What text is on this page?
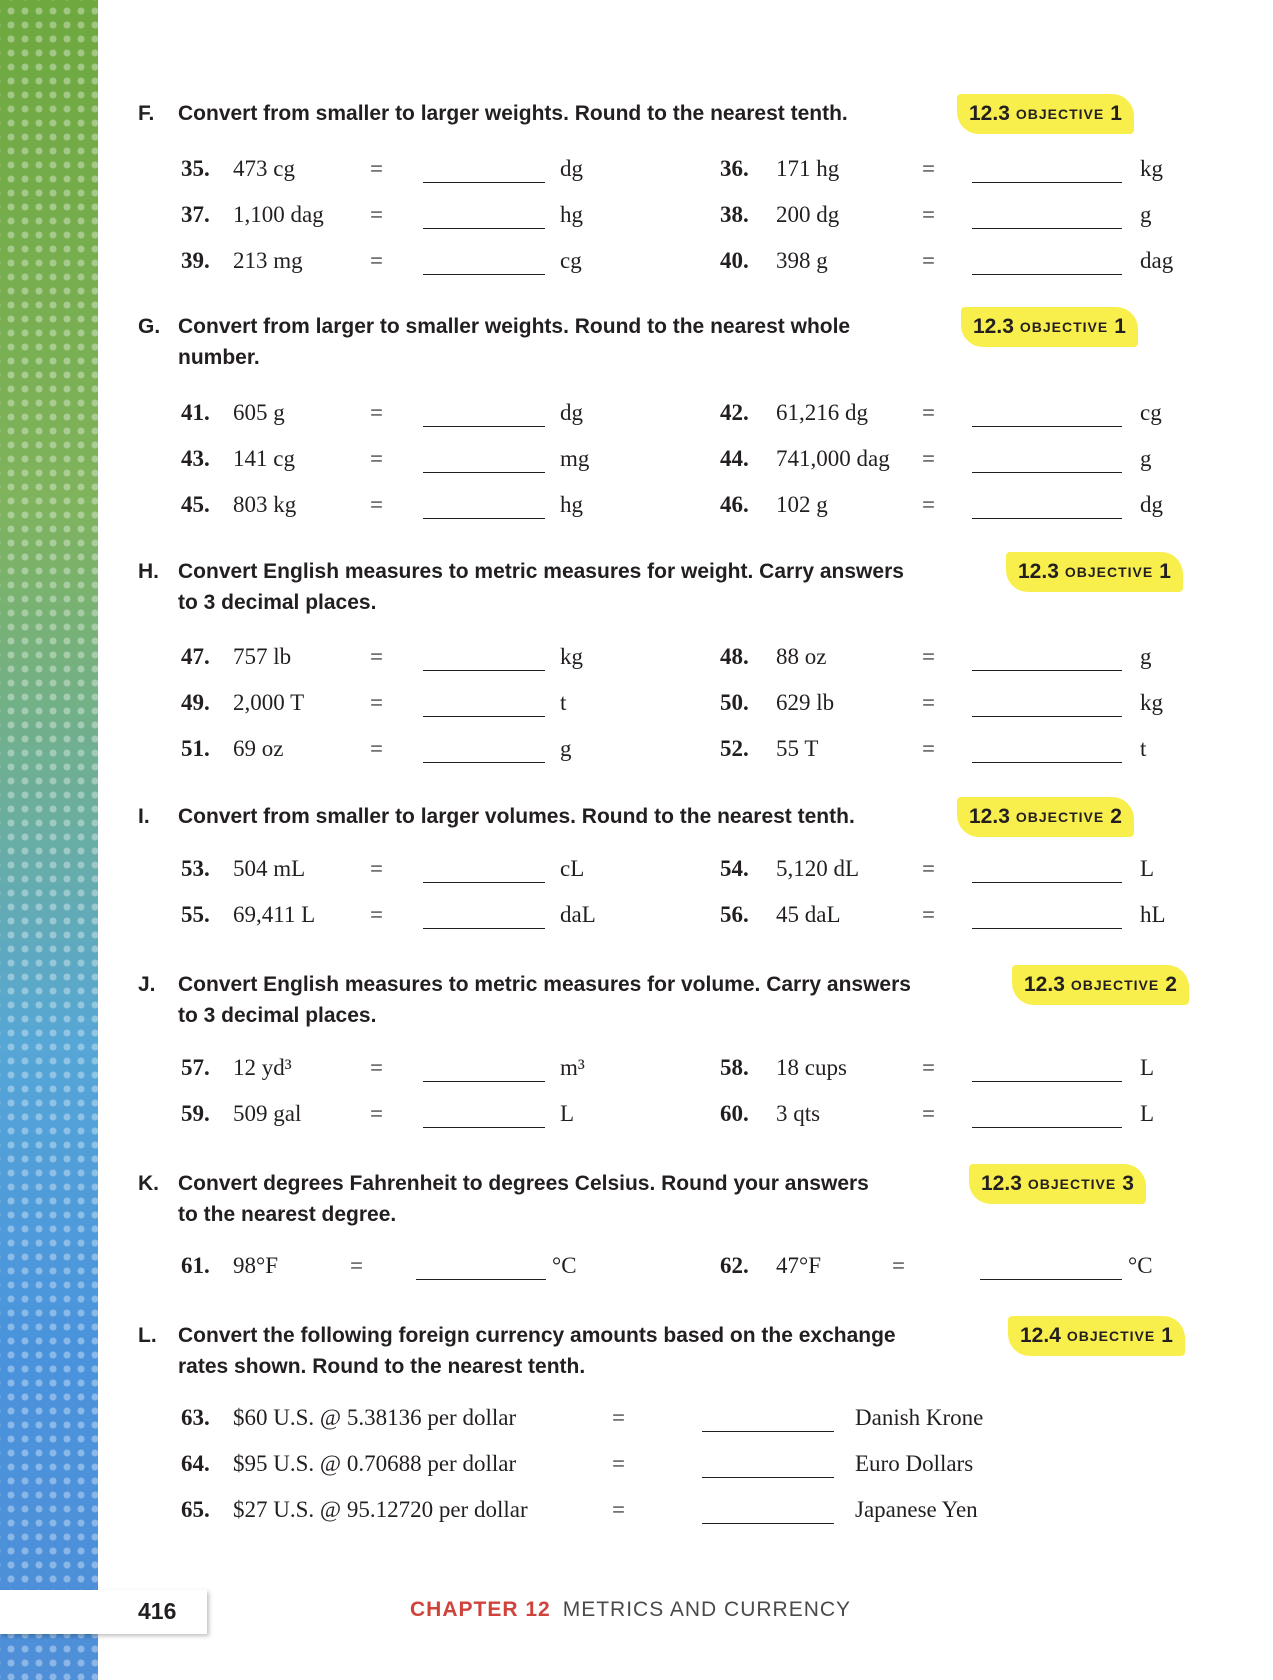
F.	Convert from smaller to larger weights. Round to the nearest tenth.	12.3 OBJECTIVE 1
G. Convert from larger to smaller weights. Round to the nearest whole
number.
12.3 OBJECTIVE 1
H. Convert English measures to metric measures for weight. Carry answers
to 3 decimal places.
12.3 OBJECTIVE 1
I.	Convert from smaller to larger volumes. Round to the nearest tenth.	12.3 OBJECTIVE 2
J.	Convert English measures to metric measures for volume. Carry answers
to 3 decimal places.
12.3 OBJECTIVE 2
K. Convert degrees Fahrenheit to degrees Celsius. Round your answers
to the nearest degree.
12.3 OBJECTIVE 3
L.	Convert the following foreign currency amounts based on the exchange
rates shown. Round to the nearest tenth.
12.4 OBJECTIVE 1
35. 473 cg	=	dg	36. 171 hg	=	kg
37. 1,100 dag =	hg	38. 200 dg	=	g
39. 213 mg	=	cg	40. 398 g	=	dag
41. 605 g	=	dg	42. 61,216 dg =	cg
43. 141 cg	=	mg	44. 741,000 dag =	g
45. 803 kg	=	hg	46. 102 g	=	dg
47. 757 lb	=	kg	48. 88 oz	=	g
49. 2,000 T	=	t	50. 629 lb	=	kg
51. 69 oz	=	g	52. 55 T	=	t
53. 504 mL	=	cL	54. 5,120 dL	=	L
55. 69,411 L =	daL	56. 45 daL	=	hL
57. 12 yd³	=	m³	58. 18 cups	=	L
59. 509 gal	=	L	60. 3 qts	=	L
61. 98°F	=	°C	62. 47°F	=	°C
63. $60 U.S. @ 5.38136 per dollar	=	Danish Krone
64. $95 U.S. @ 0.70688 per dollar	=	Euro Dollars
65. $27 U.S. @ 95.12720 per dollar	=	Japanese Yen
416	CHAPTER 12 METRICS AND CURRENCY
